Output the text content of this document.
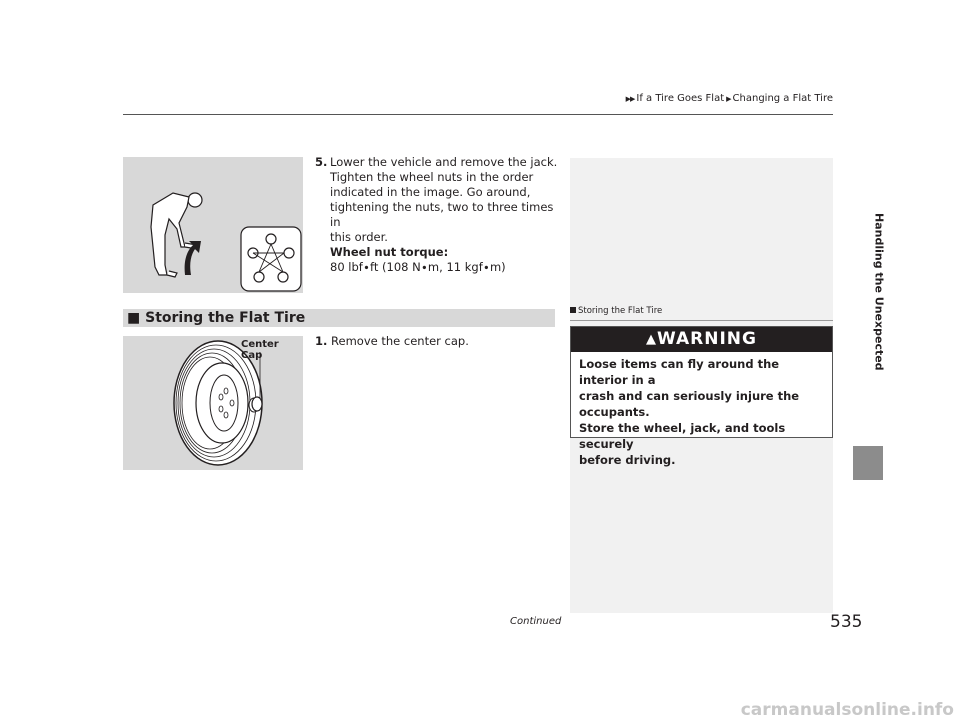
▶▶ If a Tire Goes Flat ▶ Changing a Flat Tire
Handling the Unexpected
5. Lower the vehicle and remove the jack.
Tighten the wheel nuts in the order
indicated in the image. Go around,
tightening the nuts, two to three times in
this order.
Wheel nut torque:
80 lbf∙ft (108 N∙m, 11 kgf∙m)
■ Storing the Flat Tire	Storing the Flat Tire
▲WARNING
Loose items can fly around the interior in a
crash and can seriously injure the
occupants.
Store the wheel, jack, and tools securely
before driving.
Center Cap
1. Remove the center cap.
Continued	535
carmanualsonline.info
